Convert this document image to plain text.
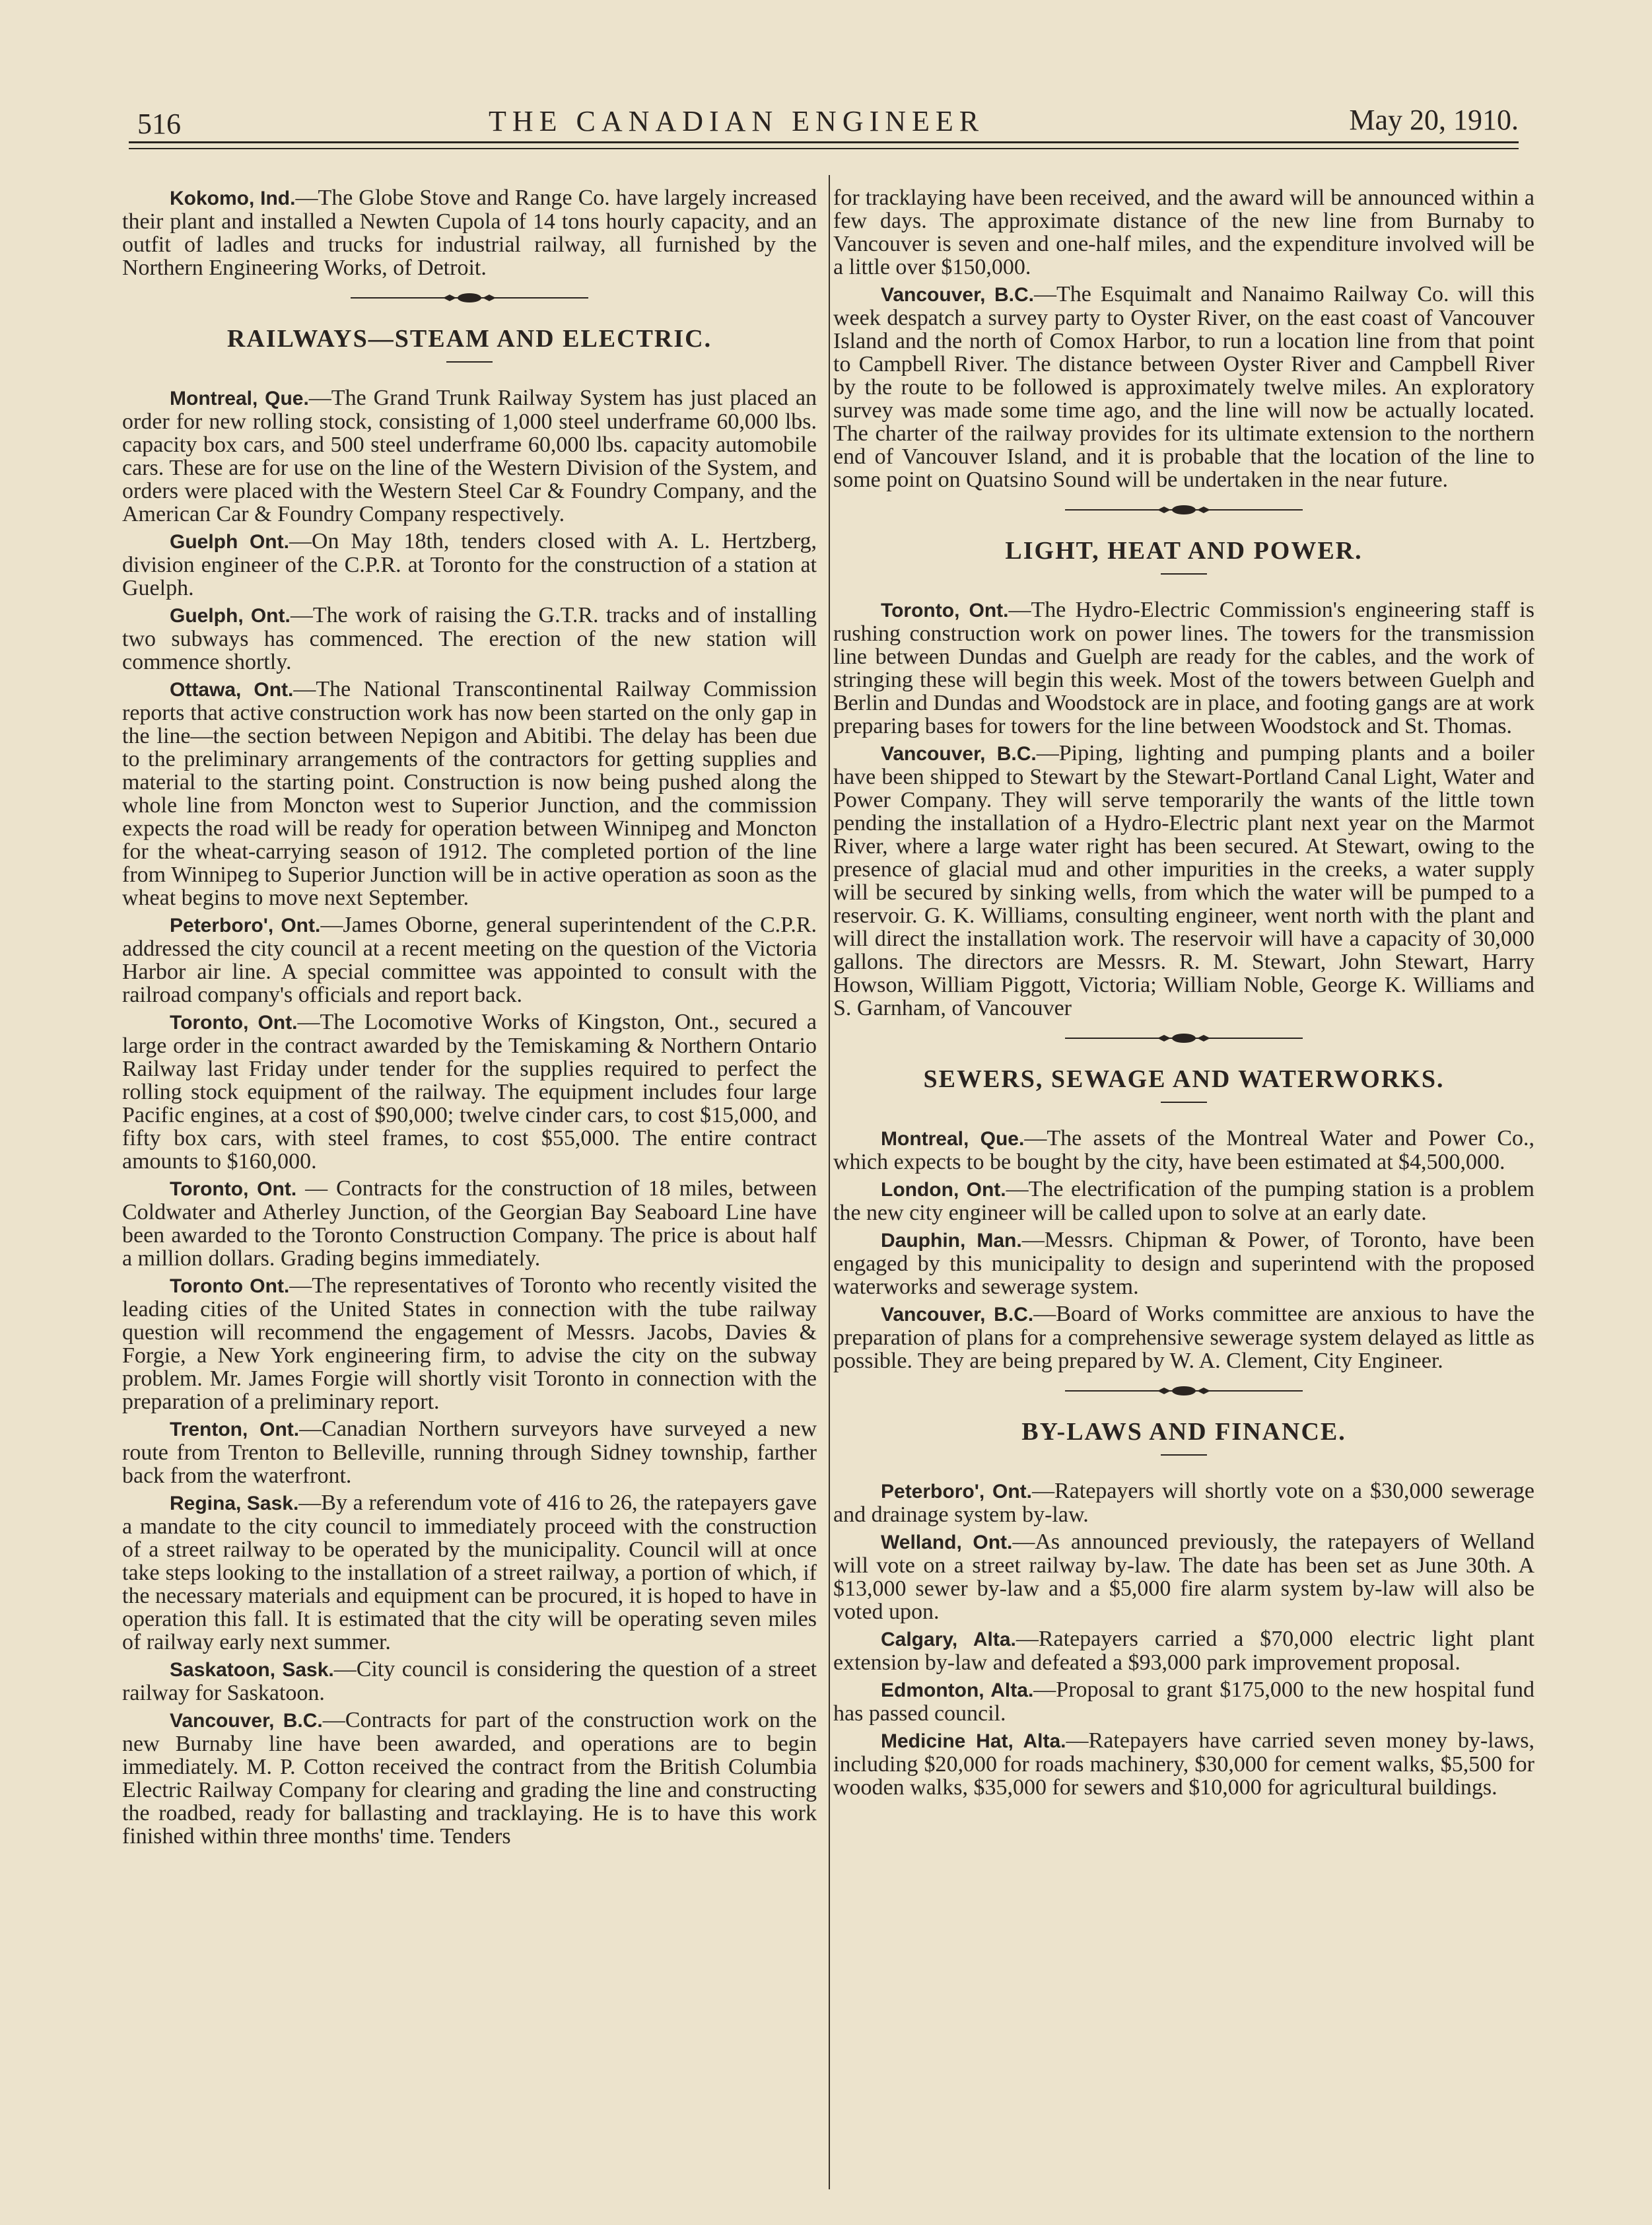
516	THE CANADIAN ENGINEER	May 20, 1910.

Kokomo, Ind.—The Globe Stove and Range Co. have largely increased their plant and installed a Newten Cupola of 14 tons hourly capacity, and an outfit of ladles and trucks for industrial railway, all furnished by the Northern Engineering Works, of Detroit.

RAILWAYS—STEAM AND ELECTRIC.

Montreal, Que.—The Grand Trunk Railway System has just placed an order for new rolling stock, consisting of 1,000 steel underframe 60,000 lbs. capacity box cars, and 500 steel underframe 60,000 lbs. capacity automobile cars. These are for use on the line of the Western Division of the System, and orders were placed with the Western Steel Car & Foundry Company, and the American Car & Foundry Company respectively.

Guelph Ont.—On May 18th, tenders closed with A. L. Hertzberg, division engineer of the C.P.R. at Toronto for the construction of a station at Guelph.

Guelph, Ont.—The work of raising the G.T.R. tracks and of installing two subways has commenced. The erection of the new station will commence shortly.

Ottawa, Ont.—The National Transcontinental Railway Commission reports that active construction work has now been started on the only gap in the line—the section between Nepigon and Abitibi. The delay has been due to the preliminary arrangements of the contractors for getting supplies and material to the starting point. Construction is now being pushed along the whole line from Moncton west to Superior Junction, and the commission expects the road will be ready for operation between Winnipeg and Moncton for the wheat-carrying season of 1912. The completed portion of the line from Winnipeg to Superior Junction will be in active operation as soon as the wheat begins to move next September.

Peterboro', Ont.—James Oborne, general superintendent of the C.P.R. addressed the city council at a recent meeting on the question of the Victoria Harbor air line. A special committee was appointed to consult with the railroad company's officials and report back.

Toronto, Ont.—The Locomotive Works of Kingston, Ont., secured a large order in the contract awarded by the Temiskaming & Northern Ontario Railway last Friday under tender for the supplies required to perfect the rolling stock equipment of the railway. The equipment includes four large Pacific engines, at a cost of $90,000; twelve cinder cars, to cost $15,000, and fifty box cars, with steel frames, to cost $55,000. The entire contract amounts to $160,000.

Toronto, Ont. — Contracts for the construction of 18 miles, between Coldwater and Atherley Junction, of the Georgian Bay Seaboard Line have been awarded to the Toronto Construction Company. The price is about half a million dollars. Grading begins immediately.

Toronto Ont.—The representatives of Toronto who recently visited the leading cities of the United States in connection with the tube railway question will recommend the engagement of Messrs. Jacobs, Davies & Forgie, a New York engineering firm, to advise the city on the subway problem. Mr. James Forgie will shortly visit Toronto in connection with the preparation of a preliminary report.

Trenton, Ont.—Canadian Northern surveyors have surveyed a new route from Trenton to Belleville, running through Sidney township, farther back from the waterfront.

Regina, Sask.—By a referendum vote of 416 to 26, the ratepayers gave a mandate to the city council to immediately proceed with the construction of a street railway to be operated by the municipality. Council will at once take steps looking to the installation of a street railway, a portion of which, if the necessary materials and equipment can be procured, it is hoped to have in operation this fall. It is estimated that the city will be operating seven miles of railway early next summer.

Saskatoon, Sask.—City council is considering the question of a street railway for Saskatoon.

Vancouver, B.C.—Contracts for part of the construction work on the new Burnaby line have been awarded, and operations are to begin immediately. M. P. Cotton received the contract from the British Columbia Electric Railway Company for clearing and grading the line and constructing the roadbed, ready for ballasting and tracklaying. He is to have this work finished within three months' time. Tenders

for tracklaying have been received, and the award will be announced within a few days. The approximate distance of the new line from Burnaby to Vancouver is seven and one-half miles, and the expenditure involved will be a little over $150,000.

Vancouver, B.C.—The Esquimalt and Nanaimo Railway Co. will this week despatch a survey party to Oyster River, on the east coast of Vancouver Island and the north of Comox Harbor, to run a location line from that point to Campbell River. The distance between Oyster River and Campbell River by the route to be followed is approximately twelve miles. An exploratory survey was made some time ago, and the line will now be actually located. The charter of the railway provides for its ultimate extension to the northern end of Vancouver Island, and it is probable that the location of the line to some point on Quatsino Sound will be undertaken in the near future.

LIGHT, HEAT AND POWER.

Toronto, Ont.—The Hydro-Electric Commission's engineering staff is rushing construction work on power lines. The towers for the transmission line between Dundas and Guelph are ready for the cables, and the work of stringing these will begin this week. Most of the towers between Guelph and Berlin and Dundas and Woodstock are in place, and footing gangs are at work preparing bases for towers for the line between Woodstock and St. Thomas.

Vancouver, B.C.—Piping, lighting and pumping plants and a boiler have been shipped to Stewart by the Stewart-Portland Canal Light, Water and Power Company. They will serve temporarily the wants of the little town pending the installation of a Hydro-Electric plant next year on the Marmot River, where a large water right has been secured. At Stewart, owing to the presence of glacial mud and other impurities in the creeks, a water supply will be secured by sinking wells, from which the water will be pumped to a reservoir. G. K. Williams, consulting engineer, went north with the plant and will direct the installation work. The reservoir will have a capacity of 30,000 gallons. The directors are Messrs. R. M. Stewart, John Stewart, Harry Howson, William Piggott, Victoria; William Noble, George K. Williams and S. Garnham, of Vancouver

SEWERS, SEWAGE AND WATERWORKS.

Montreal, Que.—The assets of the Montreal Water and Power Co., which expects to be bought by the city, have been estimated at $4,500,000.

London, Ont.—The electrification of the pumping station is a problem the new city engineer will be called upon to solve at an early date.

Dauphin, Man.—Messrs. Chipman & Power, of Toronto, have been engaged by this municipality to design and superintend with the proposed waterworks and sewerage system.

Vancouver, B.C.—Board of Works committee are anxious to have the preparation of plans for a comprehensive sewerage system delayed as little as possible. They are being prepared by W. A. Clement, City Engineer.

BY-LAWS AND FINANCE.

Peterboro', Ont.—Ratepayers will shortly vote on a $30,000 sewerage and drainage system by-law.

Welland, Ont.—As announced previously, the ratepayers of Welland will vote on a street railway by-law. The date has been set as June 30th. A $13,000 sewer by-law and a $5,000 fire alarm system by-law will also be voted upon.

Calgary, Alta.—Ratepayers carried a $70,000 electric light plant extension by-law and defeated a $93,000 park improvement proposal.

Edmonton, Alta.—Proposal to grant $175,000 to the new hospital fund has passed council.

Medicine Hat, Alta.—Ratepayers have carried seven money by-laws, including $20,000 for roads machinery, $30,000 for cement walks, $5,500 for wooden walks, $35,000 for sewers and $10,000 for agricultural buildings.
